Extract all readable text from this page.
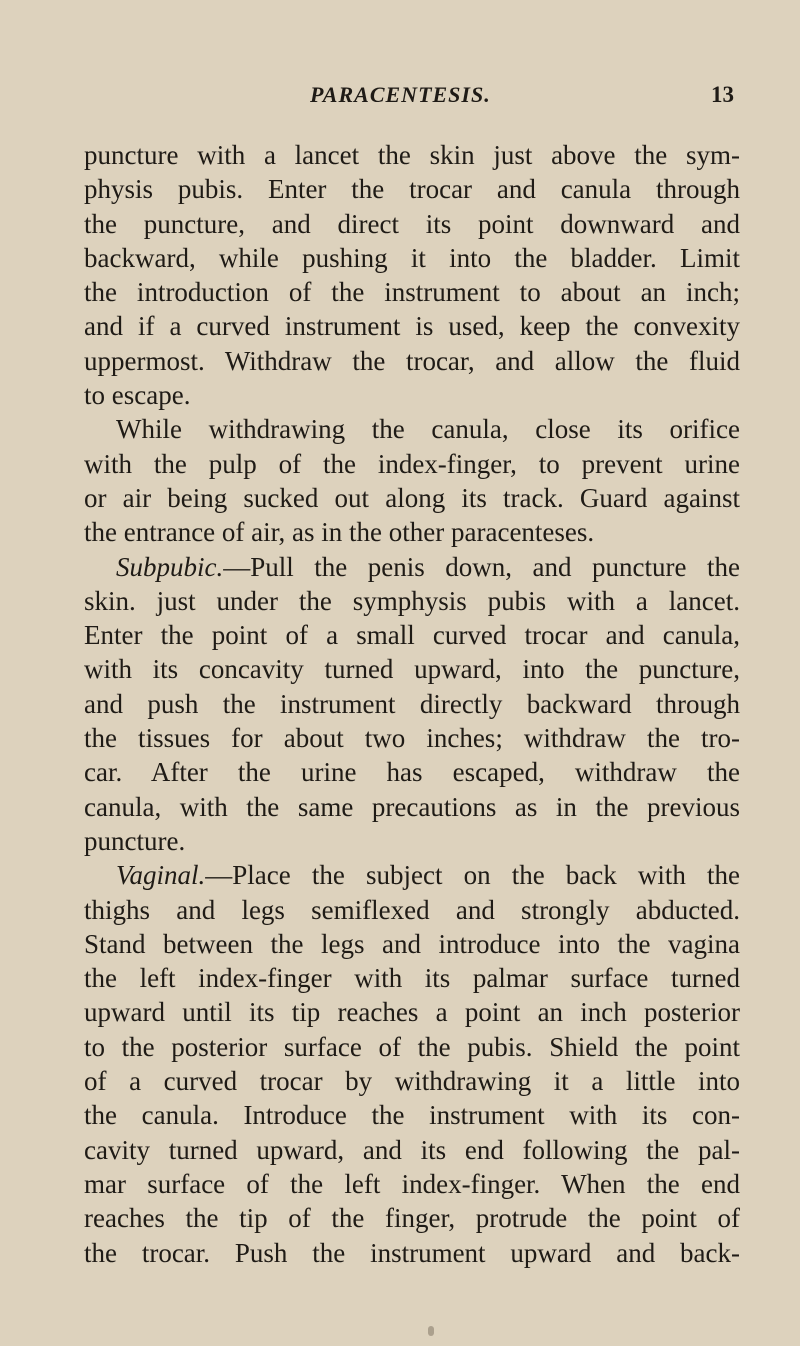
PARACENTESIS.	13
puncture with a lancet the skin just above the sym-
physis pubis. Enter the trocar and canula through
the puncture, and direct its point downward and
backward, while pushing it into the bladder. Limit
the introduction of the instrument to about an inch;
and if a curved instrument is used, keep the convexity
uppermost. Withdraw the trocar, and allow the fluid
to escape.
While withdrawing the canula, close its orifice
with the pulp of the index-finger, to prevent urine
or air being sucked out along its track. Guard against
the entrance of air, as in the other paracenteses.
Subpubic.—Pull the penis down, and puncture the
skin. just under the symphysis pubis with a lancet.
Enter the point of a small curved trocar and canula,
with its concavity turned upward, into the puncture,
and push the instrument directly backward through
the tissues for about two inches; withdraw the tro-
car. After the urine has escaped, withdraw the
canula, with the same precautions as in the previous
puncture.
Vaginal.—Place the subject on the back with the
thighs and legs semiflexed and strongly abducted.
Stand between the legs and introduce into the vagina
the left index-finger with its palmar surface turned
upward until its tip reaches a point an inch posterior
to the posterior surface of the pubis. Shield the point
of a curved trocar by withdrawing it a little into
the canula. Introduce the instrument with its con-
cavity turned upward, and its end following the pal-
mar surface of the left index-finger. When the end
reaches the tip of the finger, protrude the point of
the trocar. Push the instrument upward and back-
